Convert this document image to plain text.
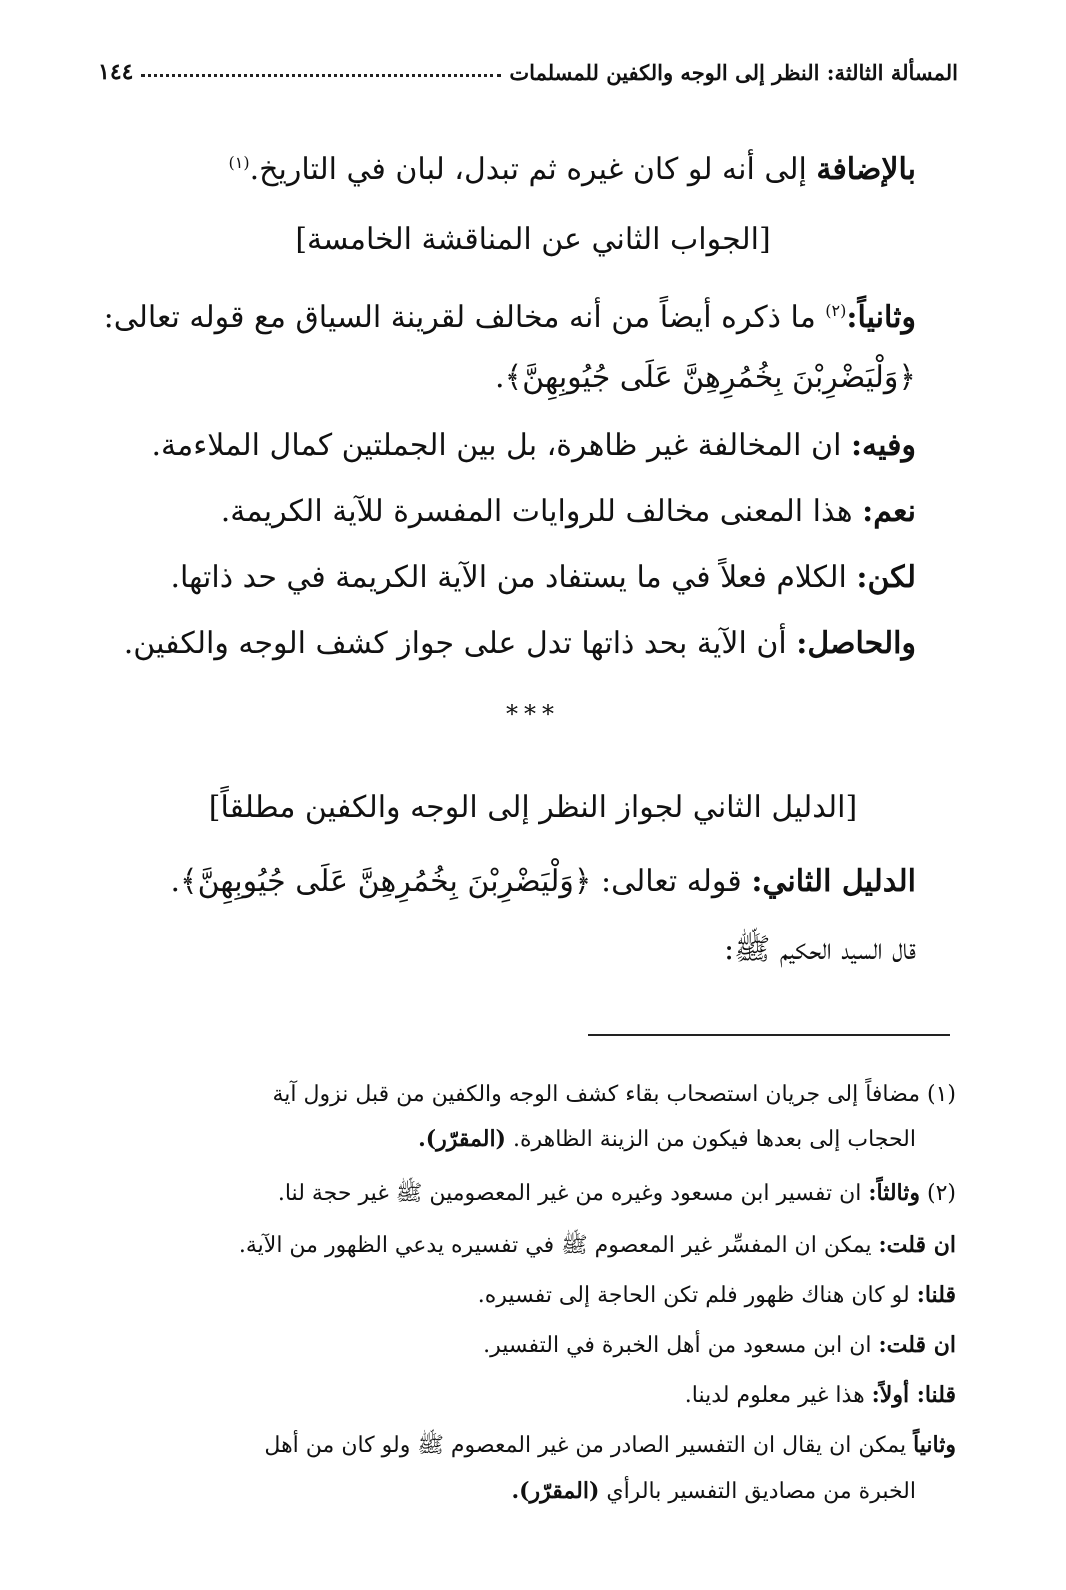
المسألة الثالثة: النظر إلى الوجه والكفين للمسلمات
١٤٤
بالإضافة إلى أنه لو كان غيره ثم تبدل، لبان في التاريخ.$^{(١)}$
[الجواب الثاني عن المناقشة الخامسة]
وثانياً:$^{(٢)}$ ما ذكره أيضاً من أنه مخالف لقرينة السياق مع قوله تعالى:
﴿وَلْيَضْرِبْنَ بِخُمُرِهِنَّ عَلَى جُيُوبِهِنَّ﴾.
وفيه: ان المخالفة غير ظاهرة، بل بين الجملتين كمال الملاءمة.
نعم: هذا المعنى مخالف للروايات المفسرة للآية الكريمة.
لكن: الكلام فعلاً في ما يستفاد من الآية الكريمة في حد ذاتها.
والحاصل: أن الآية بحد ذاتها تدل على جواز كشف الوجه والكفين.
***
[الدليل الثاني لجواز النظر إلى الوجه والكفين مطلقاً]
الدليل الثاني: قوله تعالى: ﴿وَلْيَضْرِبْنَ بِخُمُرِهِنَّ عَلَى جُيُوبِهِنَّ﴾.
قال السيد الحكيم ﷺ:
(١) مضافاً إلى جريان استصحاب بقاء كشف الوجه والكفين من قبل نزول آية
الحجاب إلى بعدها فيكون من الزينة الظاهرة. (المقرّر).
(٢) وثالثاً: ان تفسير ابن مسعود وغيره من غير المعصومين ﷺ غير حجة لنا.
ان قلت: يمكن ان المفسِّر غير المعصوم ﷺ في تفسيره يدعي الظهور من الآية.
قلنا: لو كان هناك ظهور فلم تكن الحاجة إلى تفسيره.
ان قلت: ان ابن مسعود من أهل الخبرة في التفسير.
قلنا: أولاً: هذا غير معلوم لدينا.
وثانياً يمكن ان يقال ان التفسير الصادر من غير المعصوم ﷺ ولو كان من أهل
الخبرة من مصاديق التفسير بالرأي (المقرّر).
